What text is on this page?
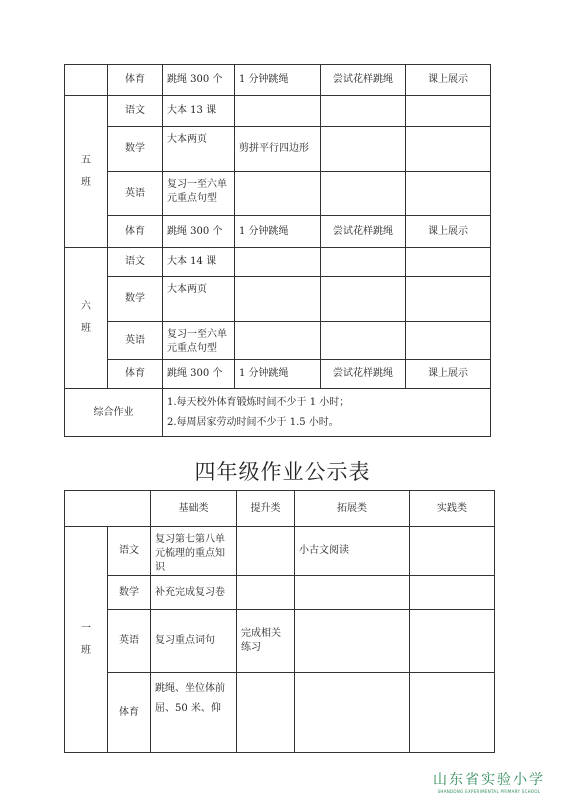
	体育	跳绳 300 个	1 分钟跳绳	尝试花样跳绳	课上展示

五
班	语文	大本 13 课			
	数学	大本两页	剪拼平行四边形		
	英语	复习一至六单元重点句型			
	体育	跳绳 300 个	1 分钟跳绳	尝试花样跳绳	课上展示

六
班	语文	大本 14 课			
	数学	大本两页			
	英语	复习一至六单元重点句型			
	体育	跳绳 300 个	1 分钟跳绳	尝试花样跳绳	课上展示
综合作业		1.每天校外体育锻炼时间不少于 1 小时；
2.每周居家劳动时间不少于 1.5 小时。			
四年级作业公示表
		基础类	提升类	拓展类	实践类

一
班	语文	复习第七第八单元梳理的重点知识		小古文阅读	
	数学	补充完成复习卷			
	英语	复习重点词句	完成相关练习		
	体育	跳绳、坐位体前屈、50 米、仰			
山东省实验小学
SHANDONG EXPERIMENTAL PRIMARY SCHOOL
